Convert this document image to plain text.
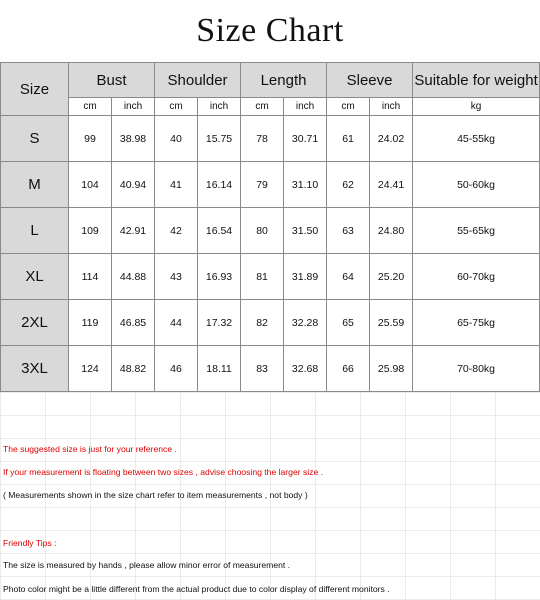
Size Chart
Size	Bust		Shoulder		Length		Sleeve		Suitable for weight
	cm	inch	cm	inch	cm	inch	cm	inch	kg
S	99	38.98	40	15.75	78	30.71	61	24.02	45-55kg
M	104	40.94	41	16.14	79	31.10	62	24.41	50-60kg
L	109	42.91	42	16.54	80	31.50	63	24.80	55-65kg
XL	114	44.88	43	16.93	81	31.89	64	25.20	60-70kg
2XL	119	46.85	44	17.32	82	32.28	65	25.59	65-75kg
3XL	124	48.82	46	18.11	83	32.68	66	25.98	70-80kg
The suggested size is just for your reference .
If your measurement is floating between two sizes , advise choosing the larger size .
( Measurements shown in the size chart refer to item measurements , not body )
Friendly Tips :
The size is measured by hands , please allow minor error of measurement .
Photo color might be a little different from the actual product due to color display of different monitors .
